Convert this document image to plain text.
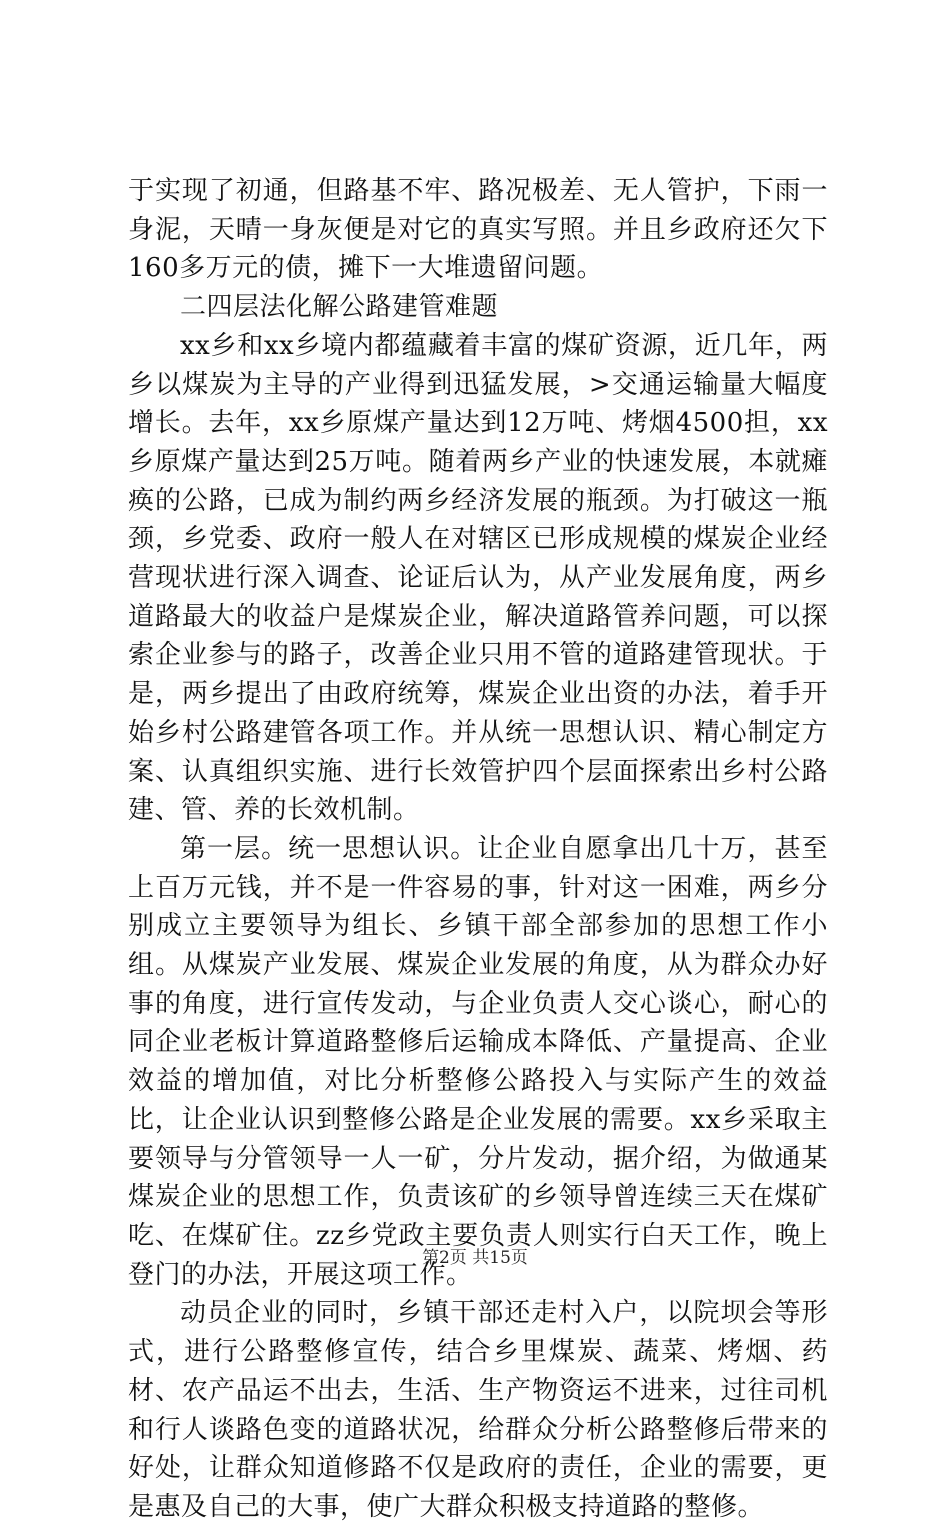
于实现了初通，但路基不牢、路况极差、无人管护，下雨一身泥，天晴一身灰便是对它的真实写照。并且乡政府还欠下160多万元的债，摊下一大堆遗留问题。

二四层法化解公路建管难题

xx乡和xx乡境内都蕴藏着丰富的煤矿资源，近几年，两乡以煤炭为主导的产业得到迅猛发展，>交通运输量大幅度增长。去年，xx乡原煤产量达到12万吨、烤烟4500担，xx乡原煤产量达到25万吨。随着两乡产业的快速发展，本就瘫痪的公路，已成为制约两乡经济发展的瓶颈。为打破这一瓶颈，乡党委、政府一般人在对辖区已形成规模的煤炭企业经营现状进行深入调查、论证后认为，从产业发展角度，两乡道路最大的收益户是煤炭企业，解决道路管养问题，可以探索企业参与的路子，改善企业只用不管的道路建管现状。于是，两乡提出了由政府统筹，煤炭企业出资的办法，着手开始乡村公路建管各项工作。并从统一思想认识、精心制定方案、认真组织实施、进行长效管护四个层面探索出乡村公路建、管、养的长效机制。

第一层。统一思想认识。让企业自愿拿出几十万，甚至上百万元钱，并不是一件容易的事，针对这一困难，两乡分别成立主要领导为组长、乡镇干部全部参加的思想工作小组。从煤炭产业发展、煤炭企业发展的角度，从为群众办好事的角度，进行宣传发动，与企业负责人交心谈心，耐心的同企业老板计算道路整修后运输成本降低、产量提高、企业效益的增加值，对比分析整修公路投入与实际产生的效益比，让企业认识到整修公路是企业发展的需要。xx乡采取主要领导与分管领导一人一矿，分片发动，据介绍，为做通某煤炭企业的思想工作，负责该矿的乡领导曾连续三天在煤矿吃、在煤矿住。zz乡党政主要负责人则实行白天工作，晚上登门的办法，开展这项工作。

动员企业的同时，乡镇干部还走村入户，以院坝会等形式，进行公路整修宣传，结合乡里煤炭、蔬菜、烤烟、药材、农产品运不出去，生活、生产物资运不进来，过往司机和行人谈路色变的道路状况，给群众分析公路整修后带来的好处，让群众知道修路不仅是政府的责任，企业的需要，更是惠及自己的大事，使广大群众积极支持道路的整修。

第2页 共15页
